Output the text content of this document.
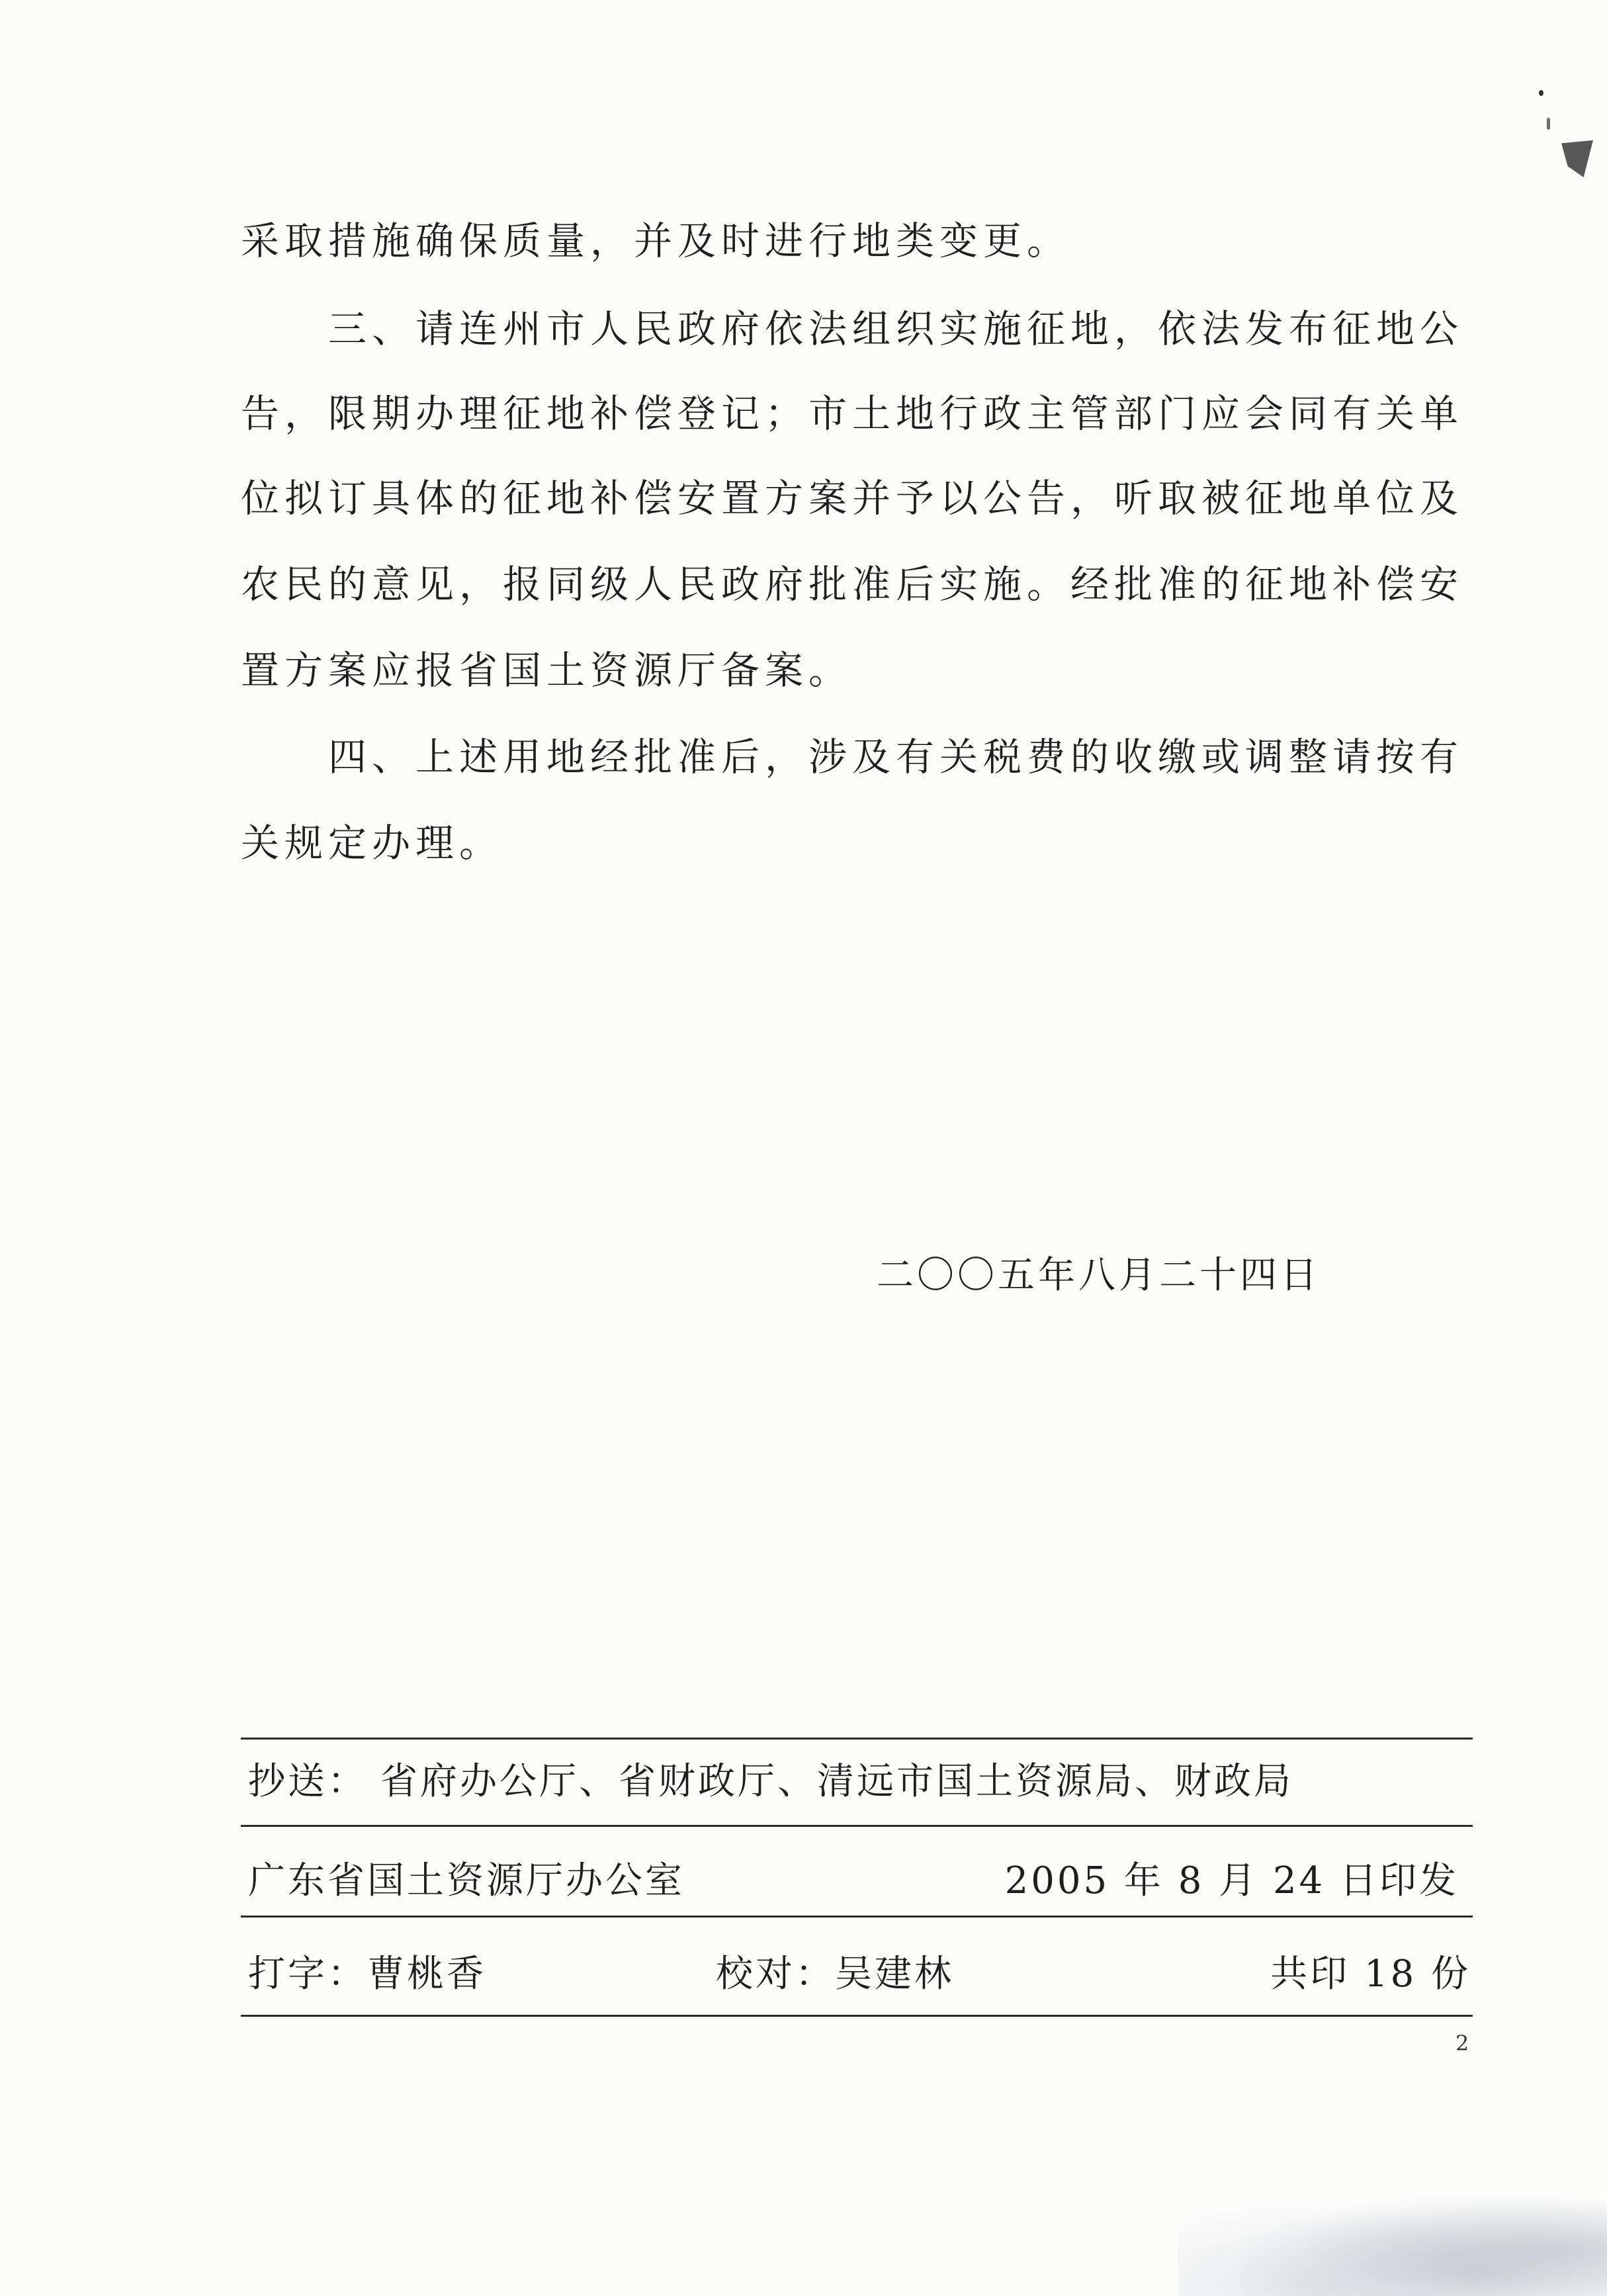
采取措施确保质量，并及时进行地类变更。
三、请连州市人民政府依法组织实施征地，依法发布征地公
告，限期办理征地补偿登记；市土地行政主管部门应会同有关单
位拟订具体的征地补偿安置方案并予以公告，听取被征地单位及
农民的意见，报同级人民政府批准后实施。经批准的征地补偿安
置方案应报省国土资源厅备案。
四、上述用地经批准后，涉及有关税费的收缴或调整请按有
关规定办理。
二〇〇五年八月二十四日
抄送： 省府办公厅、省财政厅、清远市国土资源局、财政局
广东省国土资源厅办公室	2005 年 8 月 24 日印发
打字：曹桃香	校对：吴建林	共印 18 份
2
